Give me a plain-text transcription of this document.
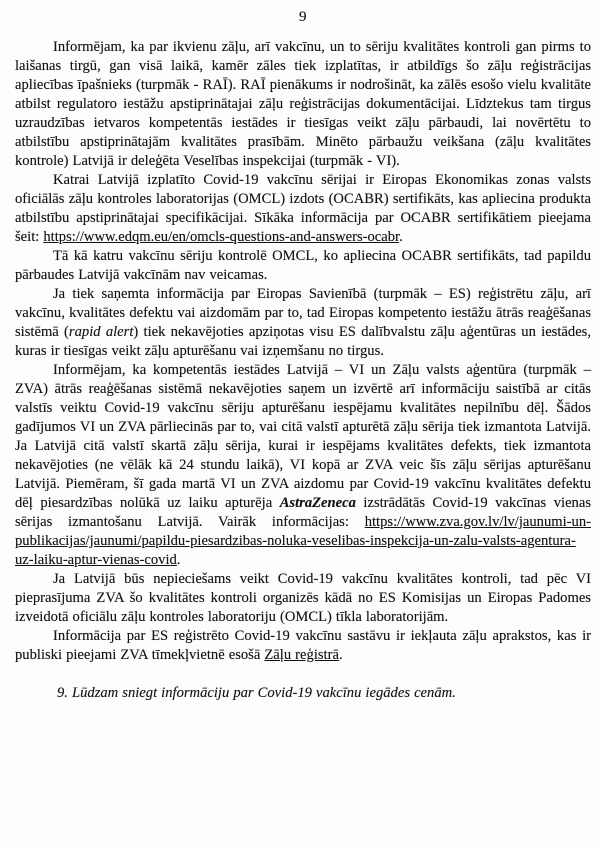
9

Informējam, ka par ikvienu zāļu, arī vakcīnu, un to sēriju kvalitātes kontroli gan pirms to laišanas tirgū, gan visā laikā, kamēr zāles tiek izplatītas, ir atbildīgs šo zāļu reģistrācijas apliecības īpašnieks (turpmāk - RAĪ). RAĪ pienākums ir nodrošināt, ka zālēs esošo vielu kvalitāte atbilst regulatoro iestāžu apstiprinātajai zāļu reģistrācijas dokumentācijai. Līdztekus tam tirgus uzraudzības ietvaros kompetentās iestādes ir tiesīgas veikt zāļu pārbaudi, lai novērtētu to atbilstību apstiprinātajām kvalitātes prasībām. Minēto pārbaužu veikšana (zāļu kvalitātes kontrole) Latvijā ir deleģēta Veselības inspekcijai (turpmāk - VI).

Katrai Latvijā izplatīto Covid-19 vakcīnu sērijai ir Eiropas Ekonomikas zonas valsts oficiālās zāļu kontroles laboratorijas (OMCL) izdots (OCABR) sertifikāts, kas apliecina produkta atbilstību apstiprinātajai specifikācijai. Sīkāka informācija par OCABR sertifikātiem pieejama šeit: https://www.edqm.eu/en/omcls-questions-and-answers-ocabr.

Tā kā katru vakcīnu sēriju kontrolē OMCL, ko apliecina OCABR sertifikāts, tad papildu pārbaudes Latvijā vakcīnām nav veicamas.

Ja tiek saņemta informācija par Eiropas Savienībā (turpmāk – ES) reģistrētu zāļu, arī vakcīnu, kvalitātes defektu vai aizdomām par to, tad Eiropas kompetento iestāžu ātrās reaģēšanas sistēmā (rapid alert) tiek nekavējoties apziņotas visu ES dalībvalstu zāļu aģentūras un iestādes, kuras ir tiesīgas veikt zāļu apturēšanu vai izņemšanu no tirgus.

Informējam, ka kompetentās iestādes Latvijā – VI un Zāļu valsts aģentūra (turpmāk – ZVA) ātrās reaģēšanas sistēmā nekavējoties saņem un izvērtē arī informāciju saistībā ar citās valstīs veiktu Covid-19 vakcīnu sēriju apturēšanu iespējamu kvalitātes nepilnību dēļ. Šādos gadījumos VI un ZVA pārliecinās par to, vai citā valstī apturētā zāļu sērija tiek izmantota Latvijā. Ja Latvijā citā valstī skartā zāļu sērija, kurai ir iespējams kvalitātes defekts, tiek izmantota nekavējoties (ne vēlāk kā 24 stundu laikā), VI kopā ar ZVA veic šīs zāļu sērijas apturēšanu Latvijā. Piemēram, šī gada martā VI un ZVA aizdomu par Covid-19 vakcīnu kvalitātes defektu dēļ piesardzības nolūkā uz laiku apturēja AstraZeneca izstrādātās Covid-19 vakcīnas vienas sērijas izmantošanu Latvijā. Vairāk informācijas: https://www.zva.gov.lv/lv/jaunumi-un-publikacijas/jaunumi/papildu-piesardzibas-noluka-veselibas-inspekcija-un-zalu-valsts-agentura-uz-laiku-aptur-vienas-covid.

Ja Latvijā būs nepieciešams veikt Covid-19 vakcīnu kvalitātes kontroli, tad pēc VI pieprasījuma ZVA šo kvalitātes kontroli organizēs kādā no ES Komisijas un Eiropas Padomes izveidotā oficiālu zāļu kontroles laboratoriju (OMCL) tīkla laboratorijām.

Informācija par ES reģistrēto Covid-19 vakcīnu sastāvu ir iekļauta zāļu aprakstos, kas ir publiski pieejami ZVA tīmekļvietnē esošā Zāļu reģistrā.

9. Lūdzam sniegt informāciju par Covid-19 vakcīnu iegādes cenām.
